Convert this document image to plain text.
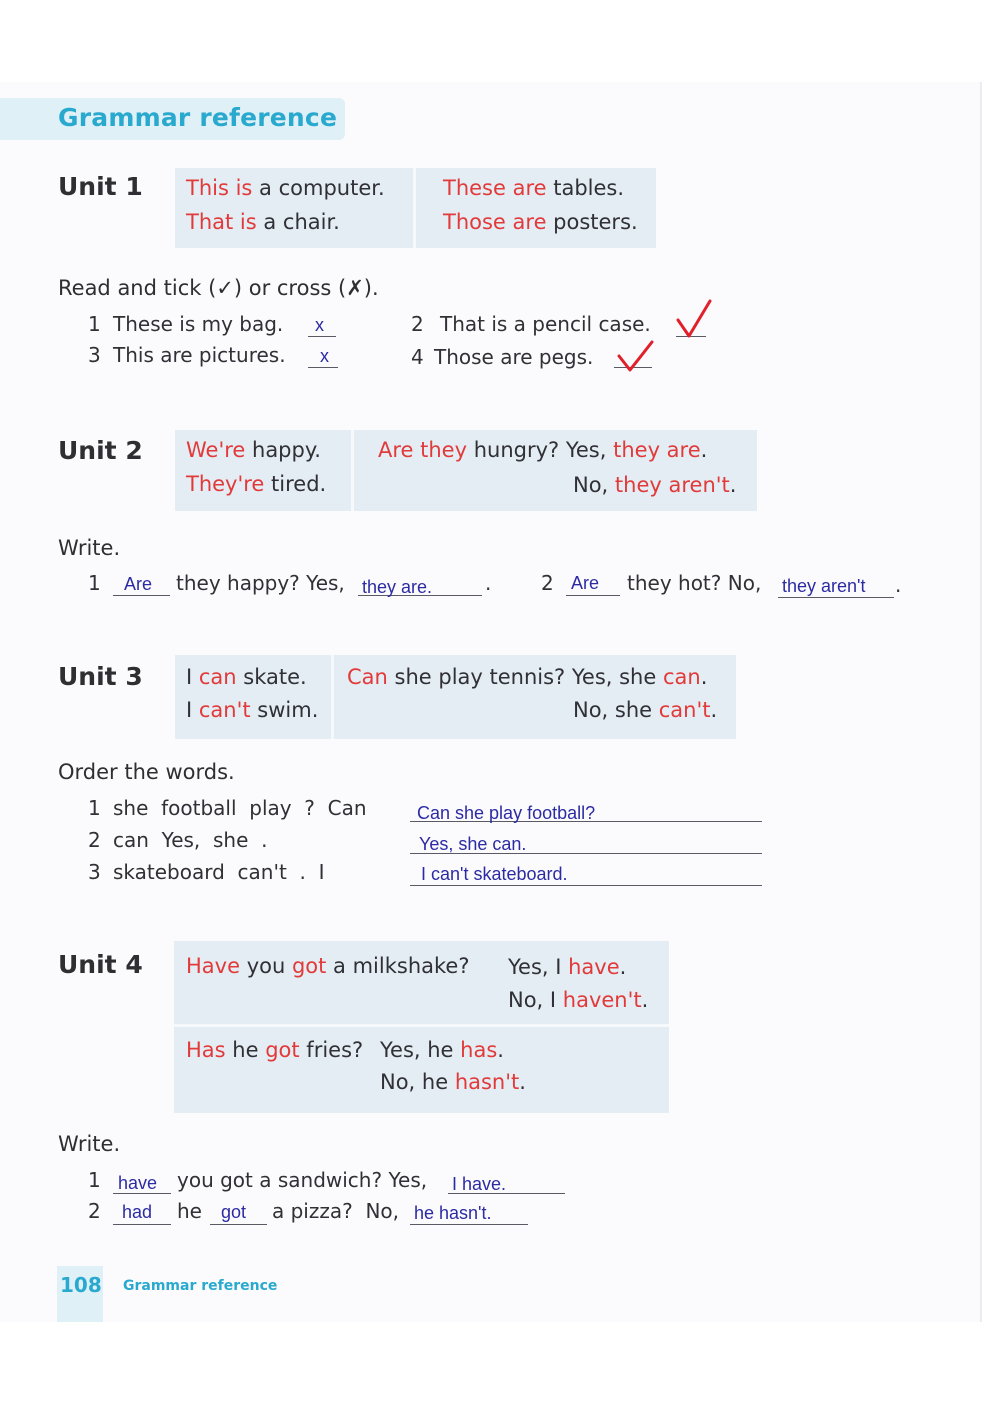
Grammar reference
Unit 1 This is a computer.
That is a chair.
These are tables.
Those are posters.
Read and tick (✓) or cross (✗).
1 These is my bag. x	2 That is a pencil case.
3 This are pictures. x	4 Those are pegs.
Unit 2 We're happy.
They're tired.
Are they hungry? Yes, they are.
No, they aren't.
Write.
1 Are they happy? Yes, they are.	. 2 Are they hot? No, they aren't .
Unit 3 I can skate.
I can't swim.
Can she play tennis? Yes, she can.
No, she can't.
Order the words.
1 she  football  play  ?  Can	Can she play football?
2 can  Yes,  she  .	Yes, she can.
3 skateboard  can't  .  I	I can't skateboard.
Unit 4 Have you got a milkshake? Yes, I have.
No, I haven't.
Has he got fries? Yes, he has.
No, he hasn't.
Write.
1 have you got a sandwich? Yes, I have.
2 had he got a pizza?  No, he hasn't.
108 Grammar reference
